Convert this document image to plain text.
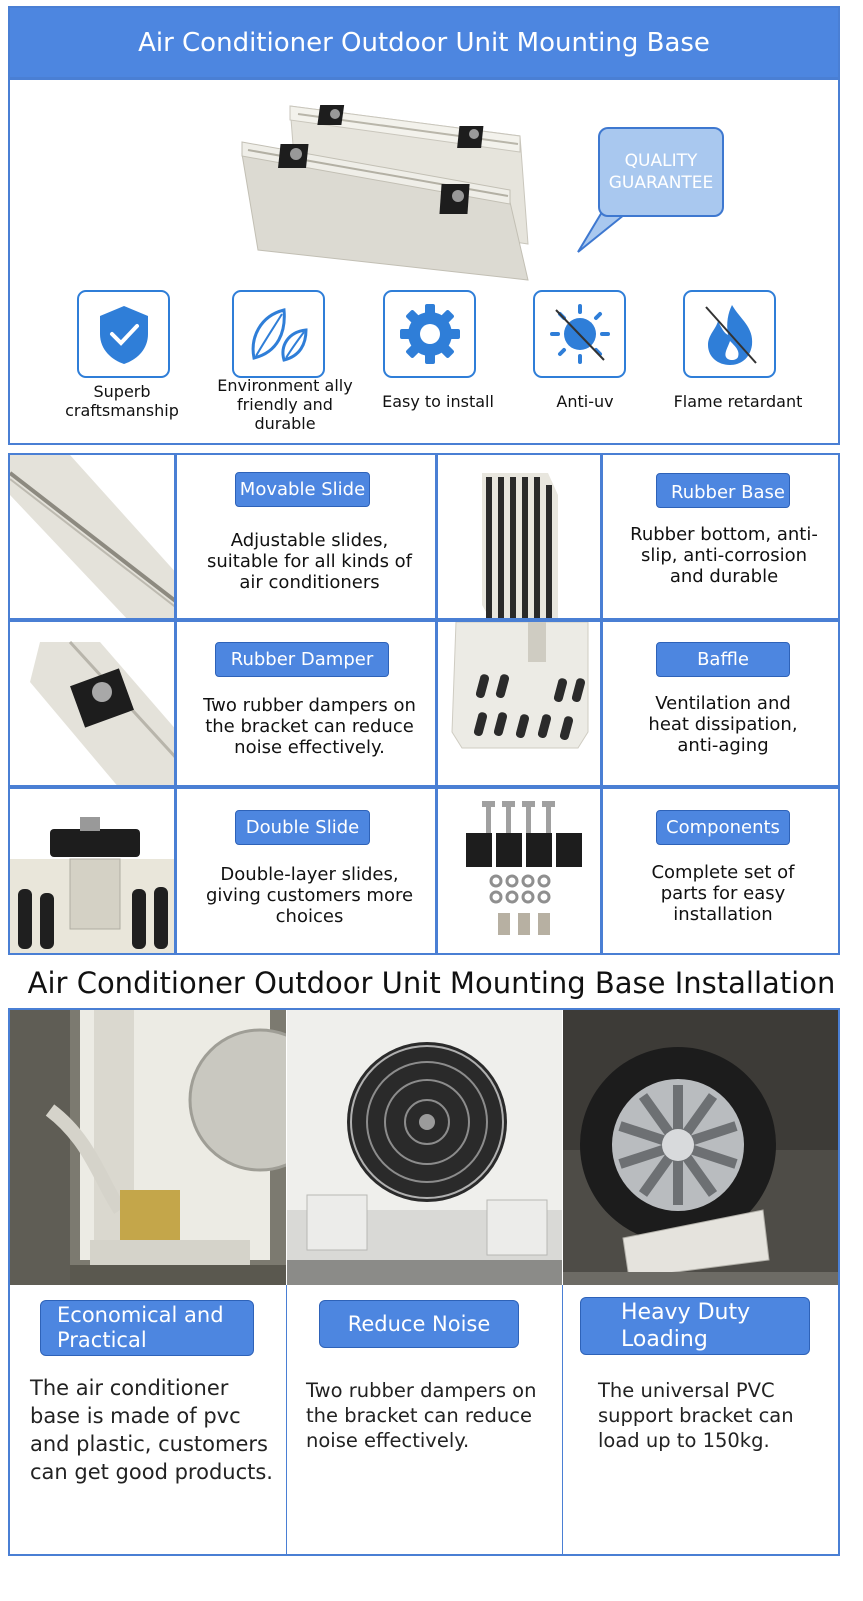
Air Conditioner Outdoor Unit Mounting Base
QUALITY
GUARANTEE
Superb craftsmanship
Environment ally friendly and durable
Easy to install	Anti-uv	Flame retardant
Movable Slide
Adjustable slides, suitable for all kinds of air conditioners
Rubber Base
Rubber bottom, anti-slip, anti-corrosion and durable
Rubber Damper
Two rubber dampers on the bracket can reduce noise effectively.
Baffle
Ventilation and heat dissipation, anti-aging
Double Slide
Double-layer slides, giving customers more choices
Components
Complete set of parts for easy installation
Air Conditioner Outdoor Unit Mounting Base Installation
Economical and Practical
The air conditioner base is made of pvc and plastic, customers can get good products.
Reduce Noise
Two rubber dampers on the bracket can reduce noise effectively.
Heavy Duty Loading Ability
The universal PVC support bracket can load up to 150kg.
